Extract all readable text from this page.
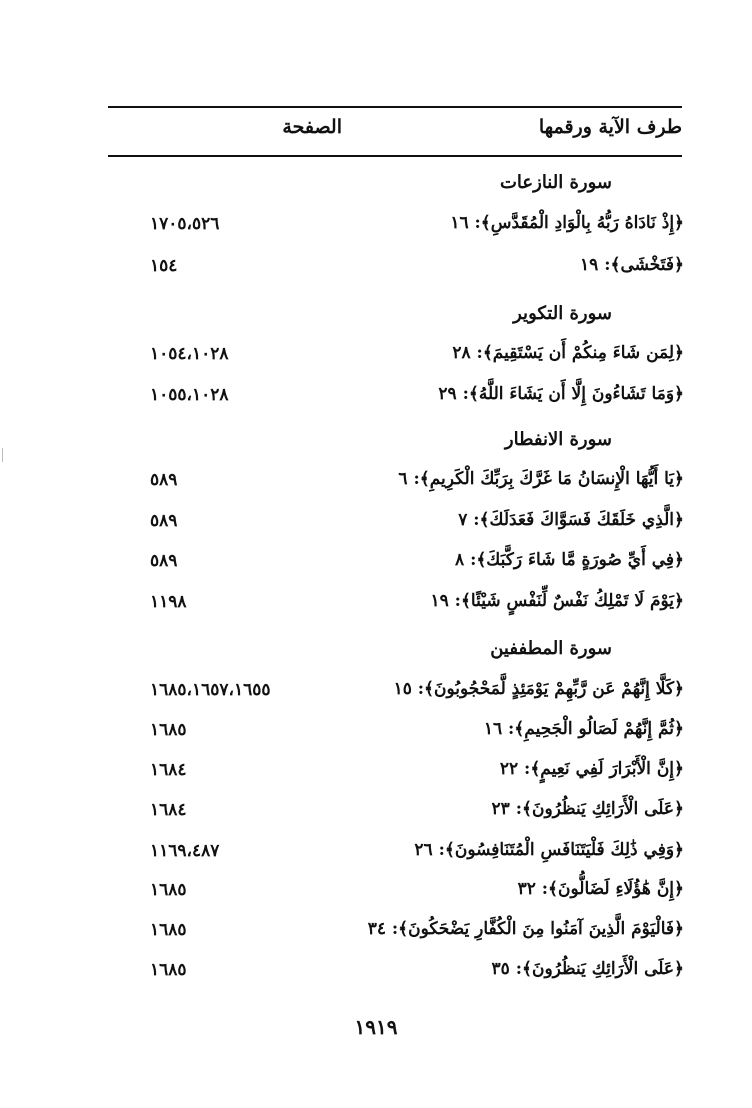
طرف الآية ورقمها
الصفحة
سورة النازعات
﴿إِذْ نَادَاهُ رَبُّهُ بِالْوَادِ الْمُقَدَّسِ﴾: ١٦
١٧٠٥،٥٢٦
﴿فَتَخْشَى﴾: ١٩
١٥٤
سورة التكوير
﴿لِمَن شَاءَ مِنكُمْ أَن يَسْتَقِيمَ﴾: ٢٨
١٠٥٤،١٠٢٨
﴿وَمَا تَشَاءُونَ إِلَّا أَن يَشَاءَ اللَّهُ﴾: ٢٩
١٠٥٥،١٠٢٨
سورة الانفطار
﴿يَا أَيُّهَا الْإِنسَانُ مَا غَرَّكَ بِرَبِّكَ الْكَرِيمِ﴾: ٦
٥٨٩
﴿الَّذِي خَلَقَكَ فَسَوَّاكَ فَعَدَلَكَ﴾: ٧
٥٨٩
﴿فِي أَيِّ صُورَةٍ مَّا شَاءَ رَكَّبَكَ﴾: ٨
٥٨٩
﴿يَوْمَ لَا تَمْلِكُ نَفْسٌ لِّنَفْسٍ شَيْئًا﴾: ١٩
١١٩٨
سورة المطففين
﴿كَلَّا إِنَّهُمْ عَن رَّبِّهِمْ يَوْمَئِذٍ لَّمَحْجُوبُونَ﴾: ١٥
١٦٨٥،١٦٥٧،١٦٥٥
﴿ثُمَّ إِنَّهُمْ لَصَالُو الْجَحِيمِ﴾: ١٦
١٦٨٥
﴿إِنَّ الْأَبْرَارَ لَفِي نَعِيمٍ﴾: ٢٢
١٦٨٤
﴿عَلَى الْأَرَائِكِ يَنظُرُونَ﴾: ٢٣
١٦٨٤
﴿وَفِي ذَٰلِكَ فَلْيَتَنَافَسِ الْمُتَنَافِسُونَ﴾: ٢٦
١١٦٩،٤٨٧
﴿إِنَّ هَٰؤُلَاءِ لَضَالُّونَ﴾: ٣٢
١٦٨٥
﴿فَالْيَوْمَ الَّذِينَ آمَنُوا مِنَ الْكُفَّارِ يَضْحَكُونَ﴾: ٣٤
١٦٨٥
﴿عَلَى الْأَرَائِكِ يَنظُرُونَ﴾: ٣٥
١٦٨٥
١٩١٩
